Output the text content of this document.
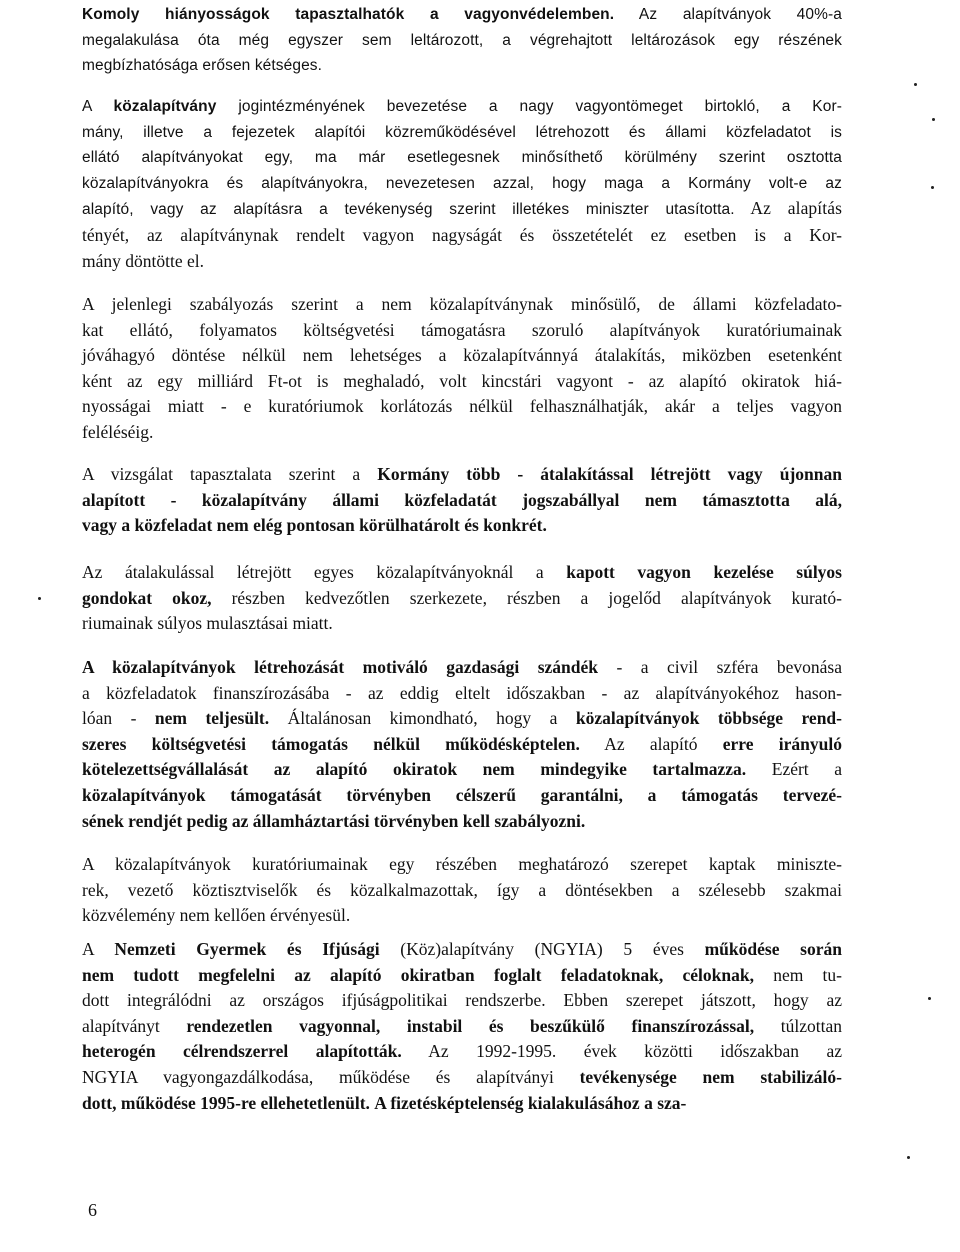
Komoly hiányosságok tapasztalhatók a vagyonvédelemben. Az alapítványok 40%-a
megalakulása óta még egyszer sem leltározott, a végrehajtott leltározások egy részének
megbízhatósága erősen kétséges.
A közalapítvány jogintézményének bevezetése a nagy vagyontömeget birtokló, a Kor-
mány, illetve a fejezetek alapítói közreműködésével létrehozott és állami közfeladatot is
ellátó alapítványokat egy, ma már esetlegesnek minősíthető körülmény szerint osztotta
közalapítványokra és alapítványokra, nevezetesen azzal, hogy maga a Kormány volt-e az
alapító, vagy az alapításra a tevékenység szerint illetékes miniszter utasította. Az alapítás
tényét, az alapítványnak rendelt vagyon nagyságát és összetételét ez esetben is a Kor-
mány döntötte el.
A jelenlegi szabályozás szerint a nem közalapítványnak minősülő, de állami közfeladato-
kat ellátó, folyamatos költségvetési támogatásra szoruló alapítványok kuratóriumainak
jóváhagyó döntése nélkül nem lehetséges a közalapítvánnyá átalakítás, miközben esetenként
ként az egy milliárd Ft-ot is meghaladó, volt kincstári vagyont - az alapító okiratok hiá-
nyosságai miatt - e kuratóriumok korlátozás nélkül felhasználhatják, akár a teljes vagyon
feléléséig.
A vizsgálat tapasztalata szerint a Kormány több - átalakítással létrejött vagy újonnan
alapított - közalapítvány állami közfeladatát jogszabállyal nem támasztotta alá,
vagy a közfeladat nem elég pontosan körülhatárolt és konkrét.
Az átalakulással létrejött egyes közalapítványoknál a kapott vagyon kezelése súlyos
gondokat okoz, részben kedvezőtlen szerkezete, részben a jogelőd alapítványok kurató-
riumainak súlyos mulasztásai miatt.
A közalapítványok létrehozását motiváló gazdasági szándék - a civil szféra bevonása
a közfeladatok finanszírozásába - az eddig eltelt időszakban - az alapítványokéhoz hason-
lóan - nem teljesült. Általánosan kimondható, hogy a közalapítványok többsége rend-
szeres költségvetési támogatás nélkül működésképtelen. Az alapító erre irányuló
kötelezettségvállalását az alapító okiratok nem mindegyike tartalmazza. Ezért a
közalapítványok támogatását törvényben célszerű garantálni, a támogatás tervezé-
sének rendjét pedig az államháztartási törvényben kell szabályozni.
A közalapítványok kuratóriumainak egy részében meghatározó szerepet kaptak miniszte-
rek, vezető köztisztviselők és közalkalmazottak, így a döntésekben a szélesebb szakmai
közvélemény nem kellően érvényesül.
A Nemzeti Gyermek és Ifjúsági (Köz)alapítvány (NGYIA) 5 éves működése során
nem tudott megfelelni az alapító okiratban foglalt feladatoknak, céloknak, nem tu-
dott integrálódni az országos ifjúságpolitikai rendszerbe. Ebben szerepet játszott, hogy az
alapítványt rendezetlen vagyonnal, instabil és beszűkülő finanszírozással, túlzottan
heterogén célrendszerrel alapították. Az 1992-1995. évek közötti időszakban az
NGYIA vagyongazdálkodása, működése és alapítványi tevékenysége nem stabilizáló-
dott, működése 1995-re ellehetetlenült. A fizetésképtelenség kialakulásához a sza-
6
